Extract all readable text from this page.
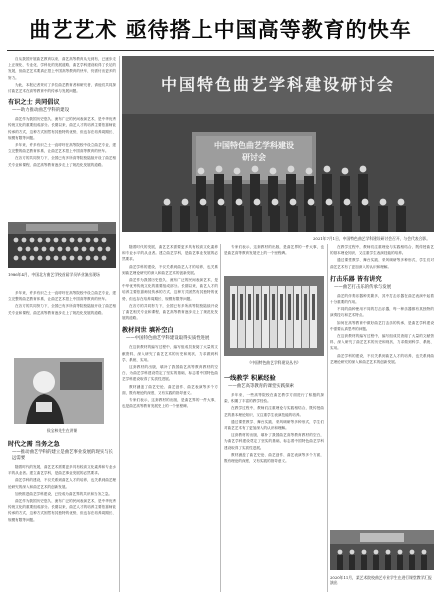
曲艺艺术 亟待搭上中国高等教育的快车

自从我国开展曲艺教育以来，曲艺高等教育从无到有，已逐步走上正规化、专业化、学科化的发展道路，曲艺学科建设取得了长足的发展，但曲艺艺术要真正搭上中国高等教育的快车，仍需付出更多的努力。

为此，本报记者采访了多位曲艺教育者和研究者，请他们共同探讨曲艺艺术在高等教育中的传承与发展问题。

有识之士 共同倡议
——助力推动曲艺学科的建设

曲艺作为我国历史悠久、流布广泛的民间表演艺术，是中华优秀传统文化的重要组成部分。长期以来，曲艺人才的培养主要依靠师徒传承的方式，这种方式固然有其独特的优势，但也存在培养周期长、规模有限等问题。

多年来，许多有识之士一直呼吁在高等院校中设立曲艺专业，建立完整的曲艺教育体系，让曲艺艺术搭上中国高等教育的快车。

在各方的共同努力下，全国已有多所高等院校陆续开设了曲艺相关专业和课程，曲艺高等教育逐步走上了规范化发展的道路。

1986年4月，中国北方曲艺学校首届学员毕业演出现场

多年来，许多有识之士一直呼吁在高等院校中设立曲艺专业，建立完整的曲艺教育体系，让曲艺艺术搭上中国高等教育的快车。

在各方的共同努力下，全国已有多所高等院校陆续开设了曲艺相关专业和课程，曲艺高等教育逐步走上了规范化发展的道路。

侯宝林先生在讲课
时代之需 当务之急
——推动曲艺学科的建立是曲艺事业发展的现实与长远需要

随着时代的发展，曲艺艺术需要更多具有较高文化素养和专业水平的从业者。建立曲艺学科，是曲艺事业发展的必然要求。

曲艺学科的建设，不仅关系到曲艺人才的培养，也关系到曲艺理论研究的深入和曲艺艺术的创新发展。

加快推进曲艺学科建设，已经成为曲艺界的共识和当务之急。

曲艺作为我国历史悠久、流布广泛的民间表演艺术，是中华优秀传统文化的重要组成部分。长期以来，曲艺人才的培养主要依靠师徒传承的方式，这种方式固然有其独特的优势，但也存在培养周期长、规模有限等问题。

中国特色曲艺学科建设研讨会
中国特色曲艺学科建设
研讨会
2021年7月1日，中国特色曲艺学科建设研讨会召开，与会代表合影。

随着时代的发展，曲艺艺术需要更多具有较高文化素养和专业水平的从业者。建立曲艺学科，是曲艺事业发展的必然要求。

曲艺学科的建设，不仅关系到曲艺人才的培养，也关系到曲艺理论研究的深入和曲艺艺术的创新发展。

曲艺作为我国历史悠久、流布广泛的民间表演艺术，是中华优秀传统文化的重要组成部分。长期以来，曲艺人才的培养主要依靠师徒传承的方式，这种方式固然有其独特的优势，但也存在培养周期长、规模有限等问题。

在各方的共同努力下，全国已有多所高等院校陆续开设了曲艺相关专业和课程，曲艺高等教育逐步走上了规范化发展的道路。

教材问世 填补空白
——中国特色曲艺学科建设取得实质性进展

在这套教材的编写过程中，编写组成员查阅了大量的文献资料，深入研究了曲艺艺术的历史和现状，力求做到科学、系统、实用。

这套教材的出版，填补了我国曲艺高等教育教材的空白，为曲艺学科建设奠定了坚实的基础，标志着中国特色曲艺学科建设取得了实质性进展。

教材涵盖了曲艺史论、曲艺创作、曲艺表演等多个方面，既有理论的深度，又有实践的指导意义。

专家们表示，这套教材的出版，是曲艺界的一件大事，也是曲艺高等教育发展史上的一个里程碑。

《中国特色曲艺学科建设丛书》
一线教学 积累经验
——曲艺高等教育的课堂实践探索

多年来，一些高等院校在曲艺教学方面进行了积极的探索，积累了丰富的教学经验。

在教学过程中，教师们注重理论与实践相结合，既传授曲艺的基本理论知识，又注重学生表演技能的培养。

通过课堂教学、舞台实践、采风调研等多种形式，学生们对曲艺艺术有了更加深入的认识和理解。

这套教材的出版，填补了我国曲艺高等教育教材的空白，为曲艺学科建设奠定了坚实的基础，标志着中国特色曲艺学科建设取得了实质性进展。

教材涵盖了曲艺史论、曲艺创作、曲艺表演等多个方面，既有理论的深度，又有实践的指导意义。

专家们表示，这套教材的出版，是曲艺界的一件大事，也是曲艺高等教育发展史上的一个里程碑。

在教学过程中，教师们注重理论与实践相结合，既传授曲艺的基本理论知识，又注重学生表演技能的培养。

通过课堂教学、舞台实践、采风调研等多种形式，学生们对曲艺艺术有了更加深入的认识和理解。

打击乐器 皆有讲究
——曲艺打击乐的传承与发展

曲艺的伴奏乐器种类繁多，其中打击乐器在曲艺表演中起着十分重要的作用。

不同的曲种使用不同的打击乐器，每一种乐器都有其独特的演奏技巧和艺术特点。

如何在高等教育中做好曲艺打击乐的传承，是曲艺学科建设中需要认真思考的问题。

在这套教材的编写过程中，编写组成员查阅了大量的文献资料，深入研究了曲艺艺术的历史和现状，力求做到科学、系统、实用。

曲艺学科的建设，不仅关系到曲艺人才的培养，也关系到曲艺理论研究的深入和曲艺艺术的创新发展。

2020年11月，某艺术院校曲艺专业学生在进行课堂教学汇报演出
